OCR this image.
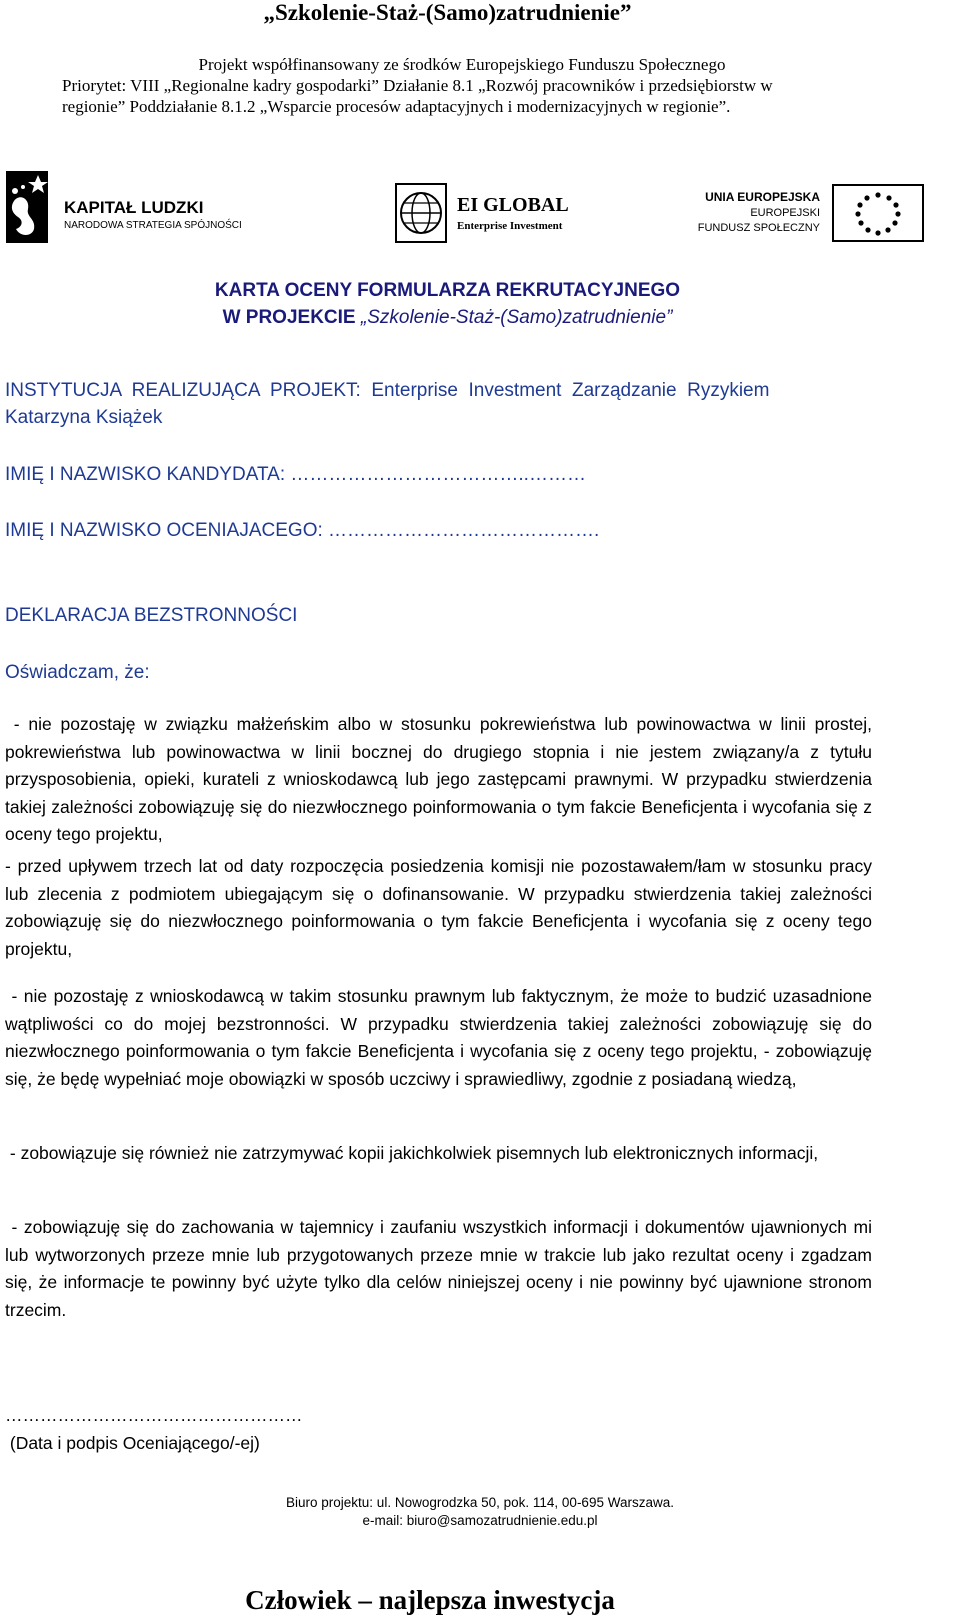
„Szkolenie-Staż-(Samo)zatrudnienie”
Projekt współfinansowany ze środków Europejskiego Funduszu Społecznego
Priorytet: VIII „Regionalne kadry gospodarki” Działanie 8.1 „Rozwój pracowników i przedsiębiorstw w
regionie” Poddziałanie 8.1.2 „Wsparcie procesów adaptacyjnych i modernizacyjnych w regionie”.
KAPITAŁ LUDZKI
NARODOWA STRATEGIA SPÓJNOŚCI
EI GLOBAL
Enterprise Investment
UNIA EUROPEJSKA
EUROPEJSKI
FUNDUSZ SPOŁECZNY
KARTA OCENY FORMULARZA REKRUTACYJNEGO
W PROJEKCIE „Szkolenie-Staż-(Samo)zatrudnienie”
INSTYTUCJA  REALIZUJĄCA  PROJEKT:  Enterprise  Investment  Zarządzanie  Ryzykiem
Katarzyna Książek
IMIĘ I NAZWISKO KANDYDATA: ………………………………..………
IMIĘ I NAZWISKO OCENIAJACEGO: …………………………………….
DEKLARACJA BEZSTRONNOŚCI
Oświadczam, że:

- nie pozostaję w związku małżeńskim albo w stosunku pokrewieństwa lub powinowactwa w linii prostej, pokrewieństwa lub powinowactwa w linii bocznej do drugiego stopnia i nie jestem związany/a z tytułu przysposobienia, opieki, kurateli z wnioskodawcą lub jego zastępcami prawnymi. W przypadku stwierdzenia takiej zależności zobowiązuję się do niezwłocznego poinformowania o tym fakcie Beneficjenta i wycofania się z oceny tego projektu,

- przed upływem trzech lat od daty rozpoczęcia posiedzenia komisji nie pozostawałem/łam w stosunku pracy lub zlecenia z podmiotem ubiegającym się o dofinansowanie. W przypadku stwierdzenia takiej zależności zobowiązuję się do niezwłocznego poinformowania o tym fakcie Beneficjenta i wycofania się z oceny tego projektu,

- nie pozostaję z wnioskodawcą w takim stosunku prawnym lub faktycznym, że może to budzić uzasadnione wątpliwości co do mojej bezstronności. W przypadku stwierdzenia takiej zależności zobowiązuję się do niezwłocznego poinformowania o tym fakcie Beneficjenta i wycofania się z oceny tego projektu, - zobowiązuję się, że będę wypełniać moje obowiązki w sposób uczciwy i sprawiedliwy, zgodnie z posiadaną wiedzą,

- zobowiązuje się również nie zatrzymywać kopii jakichkolwiek pisemnych lub elektronicznych informacji,

- zobowiązuję się do zachowania w tajemnicy i zaufaniu wszystkich informacji i dokumentów ujawnionych mi lub wytworzonych przeze mnie lub przygotowanych przeze mnie w trakcie lub jako rezultat oceny i zgadzam się, że informacje te powinny być użyte tylko dla celów niniejszej oceny i nie powinny być ujawnione stronom trzecim.

……………………………………………
(Data i podpis Oceniającego/-ej)
Biuro projektu: ul. Nowogrodzka 50, pok. 114, 00-695 Warszawa.
e-mail: biuro@samozatrudnienie.edu.pl
Człowiek – najlepsza inwestycja
